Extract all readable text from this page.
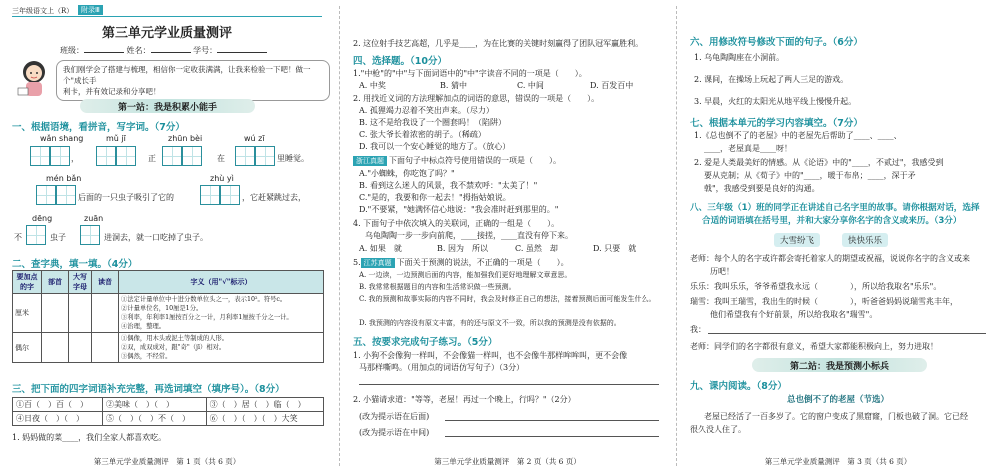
三年级语文上（R）	附录Ⅲ
第三单元学业质量测评
班级：	姓名：	学号：
我们刚学会了搭建与梳理，相信你一定收获满满，让我来检验一下吧！做一个"成长手
利卡，并有效记录和分享吧！
第一站：我是积累小能手
一、根据语境，看拼音，写字词。（7分）
wǎn shang	mǔ jī	zhūn bèi	wú zī
，	正	在	里睡觉。
mén bǎn	zhù yì
后面的一只虫子吸引了它的	，它赶紧跳过去，
dēng	zuān
不	虫子	进洞去，就一口吃掉了虫子。
二、查字典，填一填。（4分）
要加点的字	部首	大写字母	读音	字义（用"√"标示）
厘米				①法定计量单位中十进分数单位头之一，表示10²。符号c。
②计量单位名，10厘是1分。
③利率，年利率1厘按百分之一计，月利率1厘按千分之一计。
④治理，整理。

偶尔				①偶像，用木头或泥土等制成的人形。
②双，成双成对，跟"奇"（jī）相对。
③偶然，不经常。
三、把下面的四字词语补充完整，再选词填空（填序号）。（8分）
①百（　）百（　）	②美味（　）（　）	③（　）居（　）临（　）
④日夜（　）（　）	⑤（　）（　）不（　）	⑥（　）（　）（　）大笑
1. 妈妈做的菜____，我们全家人都喜欢吃。
第三单元学业质量测评　第 1 页（共 6 页）
2. 这位射手技艺高超，几乎是____，为在比赛的关键时刻赢得了团队冠军赢胜利。
四、选择题。（10分）
1."中枪"的"中"与下面词语中的"中"字读音不同的一项是（　　）。
A. 中奖	B. 猜中	C. 中间	D. 百发百中
2. 用找近义词的方法理解加点的词语的意思，错误的一项是（　　）。
A. 孤狸竭力忍着不笑出声来。（尽力）
B. 这不是给我设了一个圈套吗！（陷阱）
C. 张大爷长着浓密的胡子。（稀疏）
D. 我可以一个安心睡觉的地方了。（放心）
浙江真题 下面句子中标点符号使用错误的一项是（　　）。
A."小蜘蛛，你吃饱了吗？"
B. 看到这么迷人的风景，我不禁欢呼："太美了！"
C."是的，我要和你一起去！"拇指姑娘说。
D."不要紧，"她满怀信心地说："我会准时赶到那里的。"
4. 下面句子中依次填入的关联词，正确的一组是（　　）。
乌龟陶陶一步一步向前爬，____接搓，____直没有停下来。
A. 如果　就	B. 因为　所以	C. 虽然　却	D. 只要　就
5. 江苏真题 下面关于预测的说法，不正确的一项是（　　）。
A. 一边读，一边预测后面的内容，能加强我们更好地理解文章意思。
B. 我常常根据题目的内容和生活常识做一些预测。
C. 我的预测和故事实际的内容不同时，我会及时修正自己的想法，接着预测后面可能发生什么。
D. 我预测的内容没有原文丰富，有的还与原文不一致，所以我的预测是没有依据的。
五、按要求完成句子练习。（5分）
1. 小狗不会像狗一样叫，不会像猫一样叫，也不会像牛那样哞哞叫，更不会像
马那样嘶鸣。（用加点的词语仿写句子）（3分）
2. 小猫请求道："等等，老屋！再过一个晚上，行吗？"（2分）
(改为提示语在后面)
(改为提示语在中间)
第三单元学业质量测评　第 2 页（共 6 页）
六、用修改符号修改下面的句子。（6分）
1. 乌龟陶陶座在小洞前。
2. 课间，在操场上玩起了两人三足的游戏。
3. 早晨，火红的太阳光从地平线上慢慢升起。
七、根据本单元的学习内容填空。（7分）
1.《总也倒不了的老屋》中的老屋先后帮助了____、____、
____，老屋真是____呀！
2. 爱是人类最美好的情感。从《论语》中的"____，不贰过"，我感受到
要从克制；从《荀子》中的"____，暖于布帛；____，深于矛
戟"，我感受到要是良好的沟通。
八、三年级（1）班的同学正在讲述自己名字里的故事。请你根据对话，选择
合适的词语填在括号里，并和大家分享你名字的含义或来历。（3分）
大雪纷飞	快快乐乐
老师：每个人的名字或许都会寄托着家人的期望或祝福，说说你名字的含义或来
历吧！
乐乐：我叫乐乐，爷爷希望我永远（　　　　），所以给我取名"乐乐"。
瑞雪：我叫王瑞雪，我出生的时候（　　　　），听爸爸妈妈说瑞雪兆丰年，
他们希望我有个好前景，所以给我取名"瑞雪"。
我：
老师：同学们的名字都很有意义，希望大家都能积极向上，努力进取！
第二站：我是预测小标兵
九、课内阅读。（8分）
总也倒不了的老屋（节选）
老屋已经活了一百多岁了。它的窗户变成了黑窟窿，门板也破了洞。它已经
很久没人住了。
第三单元学业质量测评　第 3 页（共 6 页）
